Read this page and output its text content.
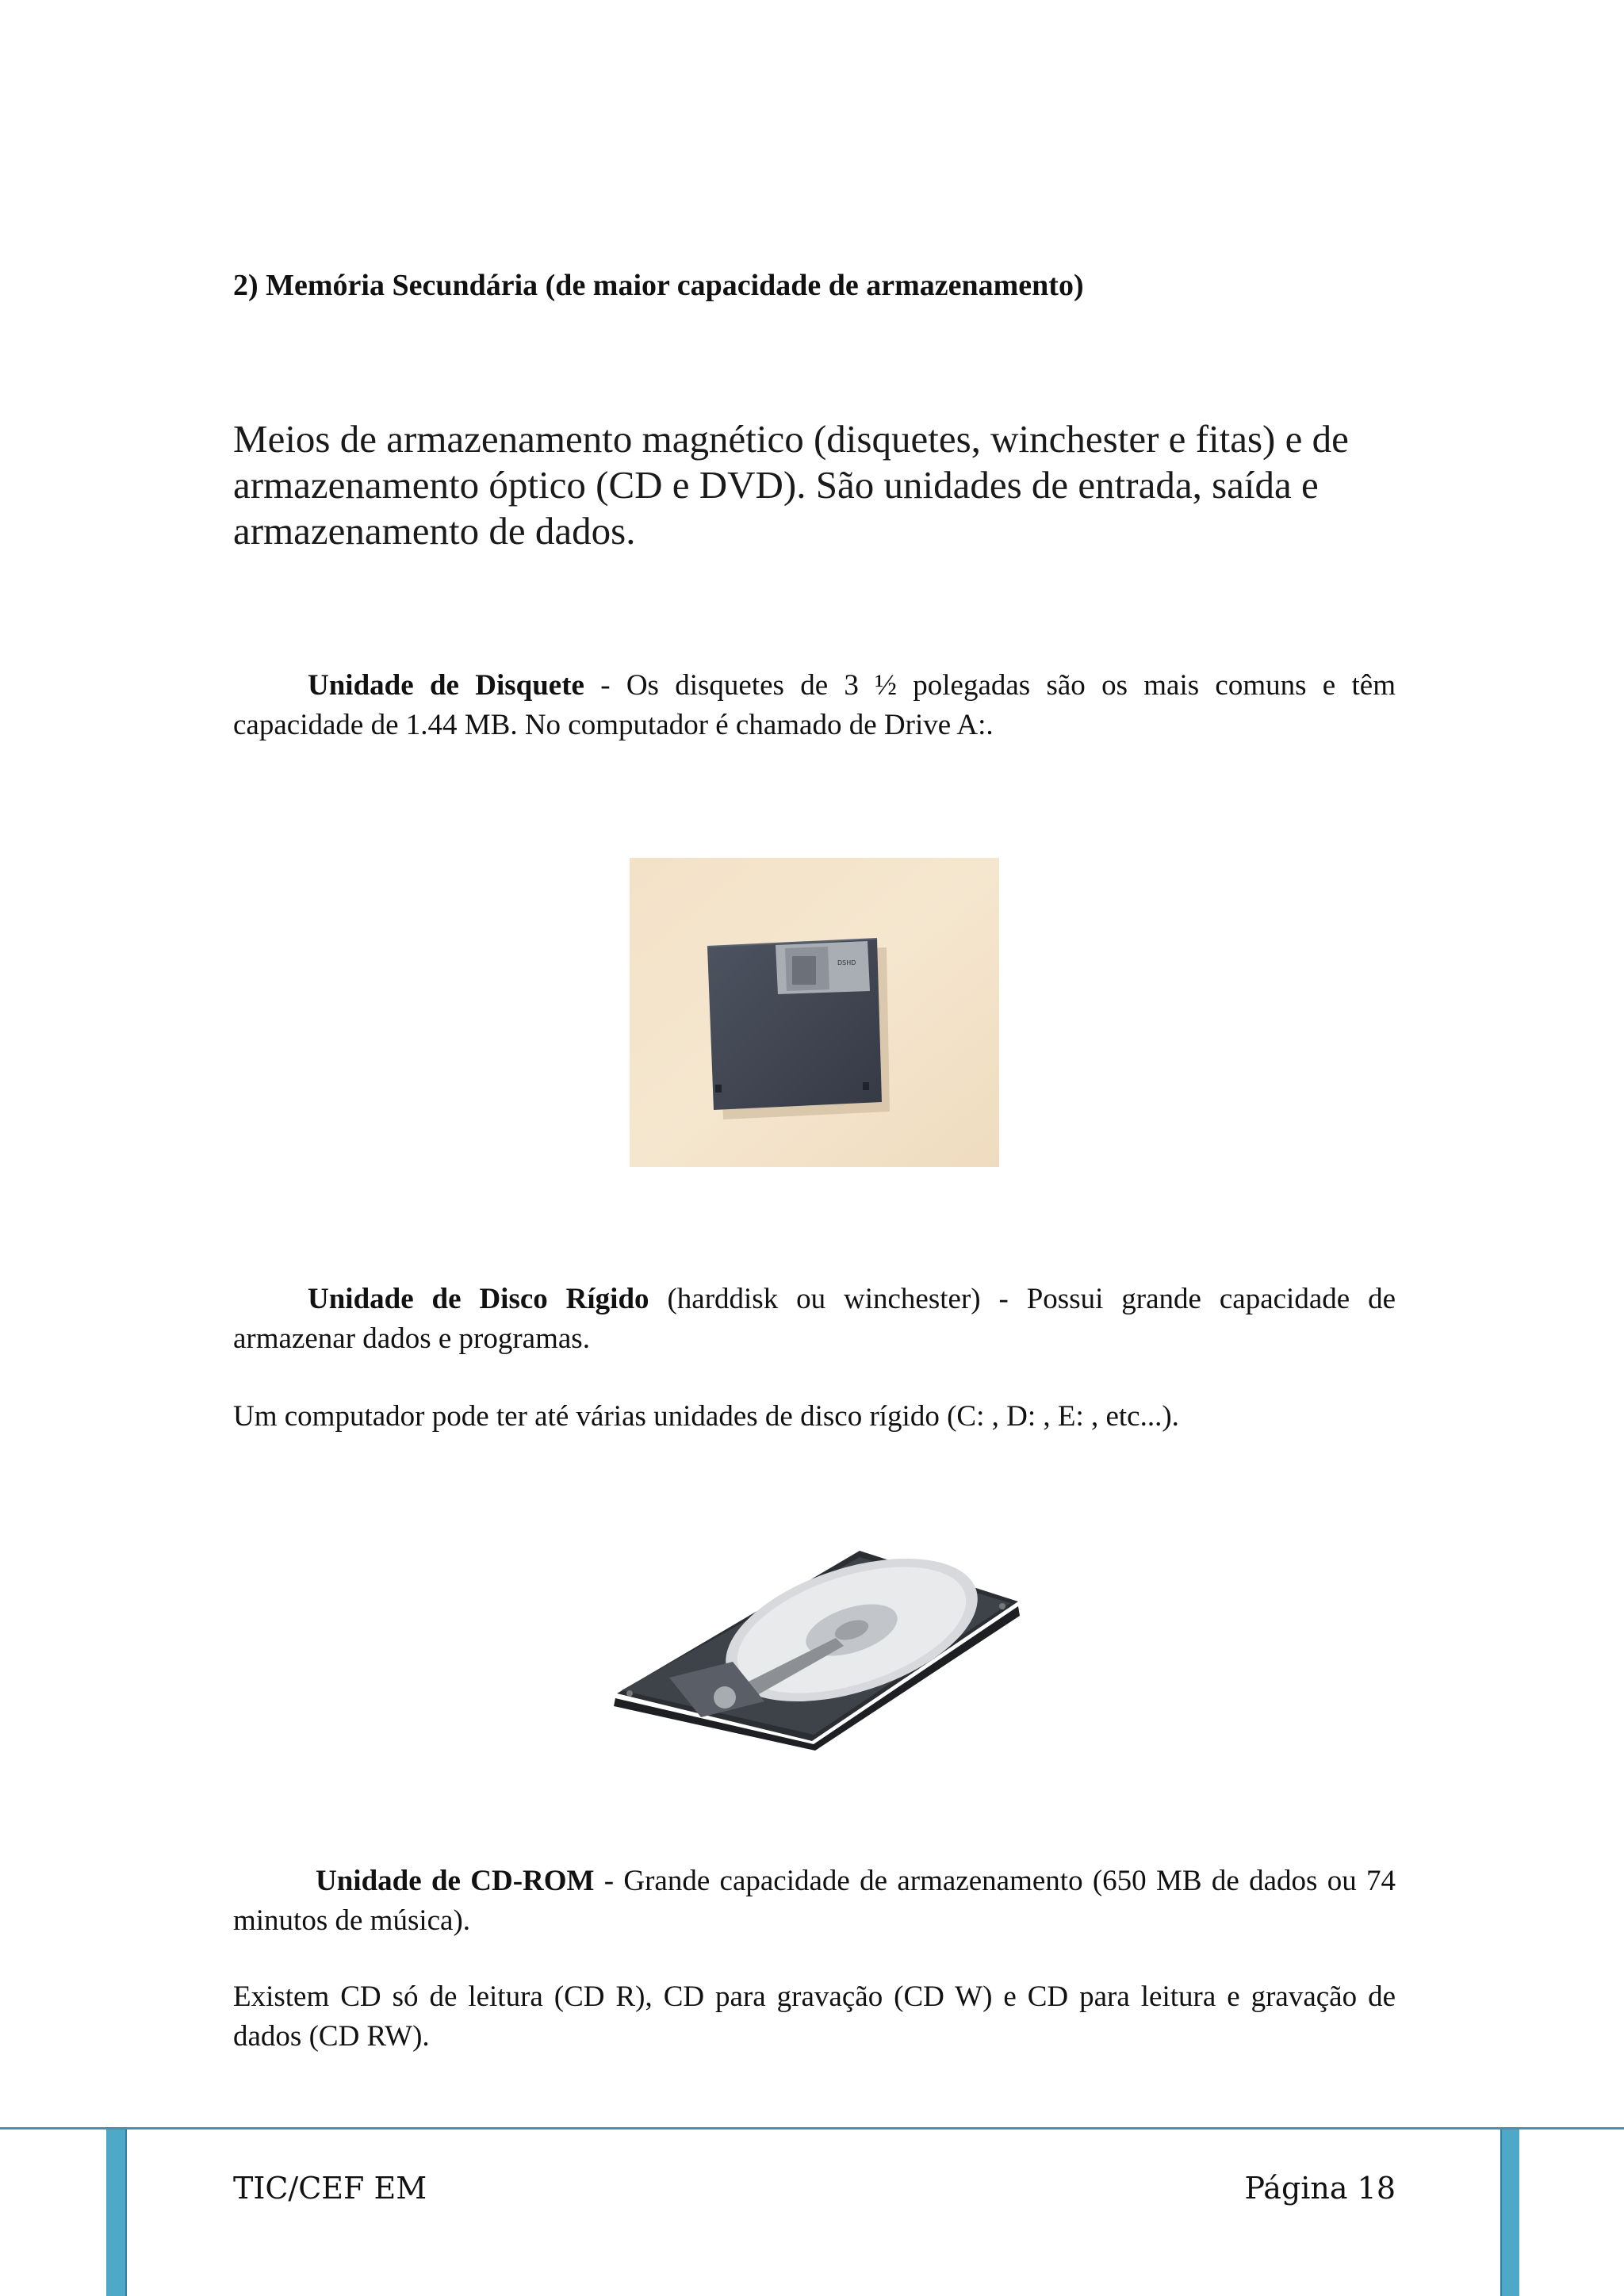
2) Memória Secundária (de maior capacidade de armazenamento)
Meios de armazenamento magnético (disquetes, winchester e fitas) e de armazenamento óptico (CD e DVD). São unidades de entrada, saída e armazenamento de dados.
Unidade de Disquete - Os disquetes de 3 ½ polegadas são os mais comuns e têm capacidade de 1.44 MB. No computador é chamado de Drive A:.
DSHD
Unidade de Disco Rígido (harddisk ou winchester) - Possui grande capacidade de armazenar dados e programas.
Um computador pode ter até várias unidades de disco rígido (C: , D: , E: , etc...).
Unidade de CD-ROM - Grande capacidade de armazenamento (650 MB de dados ou 74 minutos de música).
Existem CD só de leitura (CD R), CD para gravação (CD W) e CD para leitura e gravação de dados (CD RW).
TIC/CEF EM	Página 18
